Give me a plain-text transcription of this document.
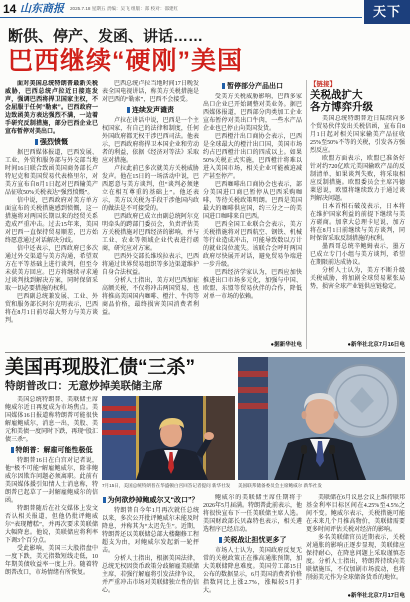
14 山东商报 2025.7.18 星期五 责编：吴飞 组版：郑 校对：邵建红	天下
断供、停产、发函、讲话……
巴西继续“硬刚”美国

面对美国总统特朗普最新关税威胁，巴西总统卢拉近日接连发声，强调巴西将捍卫国家主权，不会屈服于任何“勒索”。巴西政府一边致函美方表达强烈不满，一边着手研究反制措施，部分巴西企业已宣布暂停对美出口。

强烈愤慨

据巴西媒体报道，巴西发展、工业、外贸和服务部与外交部当地时间16日联合致函美国商务部长卢特尼克和美国贸易代表格里尔，对美方宣布自8月1日起对巴西输美产品征收50%关税表达“强烈愤慨”。

信中说，巴西政府对美方单方面宣布的关税措施感到愤慨，这一措施将对两国长期以来的经贸关系造成严重冲击。过去15年来，美国对巴西一直保持贸易顺差，巴方始终愿意通过对话解决分歧。

信中还表示，巴西政府已多次通过外交渠道与美方沟通，希望双方在平等基础上进行谈判，但至今未获美方回应。巴方将继续寻求通过谈判找到解决方案，同时保留采取一切必要措施的权利。

巴西副总统兼发展、工业、外贸和服务部长阿尔克明表示，巴西将在8月1日前尽最大努力与美方谈判。

巴西总统卢拉当地时间17日晚发表全国电视讲话，称美方关税措施是对巴西的“勒索”，巴西不会接受。

连续发声谴责

卢拉在讲话中说，巴西是一个主权国家，有自己的法律和制度，任何外国政府都无权干涉巴西司法。他表示，巴西政府将捍卫本国企业和劳动者的利益，依据《经济对等法》采取应对措施。

卢拉此前已多次就美方关税威胁发声。他在15日的一场活动中说，巴西愿意与美方谈判，但“谈判必须建立在相互尊重的基础上”。他还表示，美方以关税为手段干涉他国内政的做法是不可接受的。

巴西政府已成立由副总统阿尔克明牵头的跨部门委员会，负责评估美方关税措施对巴西经济的影响，并与工业、农业等领域企业代表进行磋商，研究应对方案。

巴西外交部长维埃拉表示，巴西将通过世界贸易组织等多边渠道维护自身合法权益。

分析人士指出，美方对巴西加征高额关税，不仅将冲击两国贸易，也将推高美国国内咖啡、橙汁、牛肉等商品价格，最终损害美国消费者利益。

暂停部分产品出口

受美方关税威胁影响，巴西多家出口企业已开始调整对美业务。据巴西媒体报道，巴西部分肉类加工企业宣布暂停对美出口牛肉，一些水产品企业也已停止向美国发货。

巴西橙汁出口商协会表示，巴西是全球最大的橙汁出口国，美国市场约占巴西橙汁出口的四成以上。如果50%关税正式实施，巴西橙汁将难以进入美国市场，相关企业可能被迫减产甚至停产。

巴西咖啡出口商协会也表示，部分美国进口商已暂停从巴西采购咖啡，等待关税政策明朗。巴西是美国最大的咖啡供应国，约三分之一的美国进口咖啡来自巴西。

巴西全国工业联合会表示，美方关税措施将对巴西航空、钢铁、机械等行业造成冲击，可能导致数以万计的就业岗位流失。该联合会呼吁两国政府尽快展开对话，避免贸易争端进一步升级。

巴西经济学家认为，巴西应加快推进出口市场多元化，加强与中国、欧盟、东盟等贸易伙伴的合作，降低对单一市场的依赖。

●据新华社电
【链接】
关税战扩大
各方博弈升级

美国总统特朗普近日陆续向多个贸易伙伴发出关税信函，宣布自8月1日起对相关国家输美产品征收25%至50%不等的关税，引发各方强烈反应。

欧盟方面表示，欧盟已准备好针对约720亿欧元美国输欧产品的反制清单，如果谈判失败，将采取相应反制措施。欧盟委员会主席冯德莱恩说，欧盟将继续致力于通过谈判解决问题。

日本首相石破茂表示，日本将在维护国家利益的前提下继续与美方磋商。加拿大总理卡尼说，加方将在8月1日前继续与美方谈判，同时保留采取反制措施的权利。

墨西哥总统辛鲍姆表示，墨方已成立专门小组与美方谈判，希望在期限前达成协议。

分析人士认为，美方不断升级关税威胁，将加剧全球贸易紧张局势，损害全球产业链供应链稳定。

●新华社北京7月16日电
美国再现股汇债“三杀”
特朗普改口：无意炒掉美联储主席

美国总统特朗普、美联储主席鲍威尔近日再度成为市场焦点。美国媒体16日报道称特朗普可能很快解雇鲍威尔，消息一出，美股、美元和美债一度同时下跌，再现“股汇债三杀”。

特朗普：解雇可能性极低

特朗普16日在白宫对记者说，他“极不可能”解雇鲍威尔，除非鲍威尔因欺诈问题必须离职。此前有美国媒体援引知情人士消息称，特朗普已起草了一封解雇鲍威尔的信函。

特朗普随后在社交媒体上发文否认相关报道，但他仍批评鲍威尔“表现糟糕”，并再次要求美联储大幅降息。他说，美联储应将利率下调3个百分点。

受此影响，美国三大股指盘中一度下跌，美元指数短线走低，10年期美债收益率一度上升。随着特朗普改口，市场情绪有所恢复。

7月15日，美国总统特朗普在华盛顿白宫回答记者提问 新华社发	美国联邦储备委员会主席鲍威尔 新华社发
为何欲炒掉鲍威尔又“改口”？

特朗普自今年1月再次就任总统以来，多次公开批评鲍威尔未能及时降息，并称其为“太迟先生”。近期，特朗普还以美联储总部大楼翻修工程超支为由，对鲍威尔发起新一轮抨击。

分析人士指出，根据美国法律，总统无权因货币政策分歧解雇美联储主席，若强行解雇将引发法律争议，并严重冲击市场对美联储独立性的信心。

鲍威尔的美联储主席任期将于2026年5月届满。特朗普此前表示，他将很快宣布下一任美联储主席人选。美国财政部长贝森特也表示，相关遴选程序已经启动。

关税战让担忧更多了

市场人士认为，美国政府反复无常的关税政策正在推高通胀预期，加大美联储降息难度。美国劳工部15日公布的数据显示，6月美国消费者价格指数同比上涨2.7%，涨幅较5月扩大。

美联储在6月议息会议上维持联邦基金利率目标区间在4.25%至4.5%之间不变。鲍威尔表示，关税措施可能在未来几个月推高物价，美联储需要更多时间评估关税对经济的影响。

多名美联储官员近期表示，关税对通胀的影响正逐步显现，美联储应保持耐心，在降息问题上采取谨慎态度。分析人士指出，特朗普持续向美联储施压，不仅加剧市场波动，也将削弱美元作为全球储备货币的地位。

●新华社北京7月17日电
